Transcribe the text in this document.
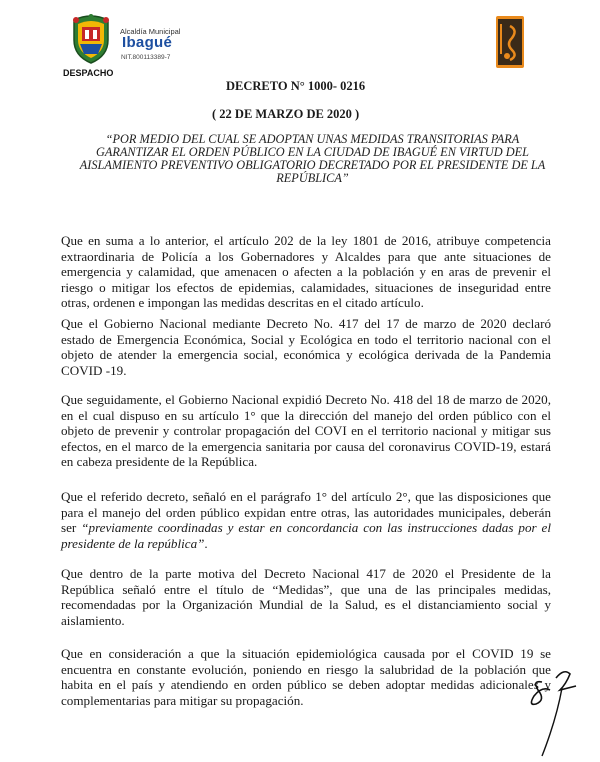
Alcaldía Municipal
Ibagué
NIT.800113389-7
DESPACHO
DECRETO N° 1000- 0216
( 22 DE MARZO DE 2020 )
“POR MEDIO DEL CUAL SE ADOPTAN UNAS MEDIDAS TRANSITORIAS PARA GARANTIZAR EL ORDEN PÚBLICO EN LA CIUDAD DE IBAGUÉ EN VIRTUD DEL AISLAMIENTO PREVENTIVO OBLIGATORIO DECRETADO POR EL PRESIDENTE DE LA REPÚBLICA”
Que en suma a lo anterior, el artículo 202 de la ley 1801 de 2016, atribuye competencia extraordinaria de Policía a los Gobernadores y Alcaldes para que ante situaciones de emergencia y calamidad, que amenacen o afecten a la población y en aras de prevenir el riesgo o mitigar los efectos de epidemias, calamidades, situaciones de inseguridad entre otras, ordenen e impongan las medidas descritas en el citado artículo.
Que el Gobierno Nacional mediante Decreto No. 417 del 17 de marzo de 2020 declaró estado de Emergencia Económica, Social y Ecológica en todo el territorio nacional con el objeto de atender la emergencia social, económica y ecológica derivada de la Pandemia COVID -19.
Que seguidamente, el Gobierno Nacional expidió Decreto No. 418 del 18 de marzo de 2020, en el cual dispuso en su artículo 1° que la dirección del manejo del orden público con el objeto de prevenir y controlar propagación del COVI en el territorio nacional y mitigar sus efectos, en el marco de la emergencia sanitaria por causa del coronavirus COVID-19, estará en cabeza presidente de la República.
Que el referido decreto, señaló en el parágrafo 1° del artículo 2°, que las disposiciones que para el manejo del orden público expidan entre otras, las autoridades municipales, deberán ser “previamente coordinadas y estar en concordancia con las instrucciones dadas por el presidente de la república”.
Que dentro de la parte motiva del Decreto Nacional 417 de 2020 el Presidente de la República señaló entre el título de “Medidas”, que una de las principales medidas, recomendadas por la Organización Mundial de la Salud, es el distanciamiento social y aislamiento.
Que en consideración a que la situación epidemiológica causada por el COVID 19 se encuentra en constante evolución, poniendo en riesgo la salubridad de la población que habita en el país y atendiendo en orden público se deben adoptar medidas adicionales y complementarias para mitigar su propagación.
